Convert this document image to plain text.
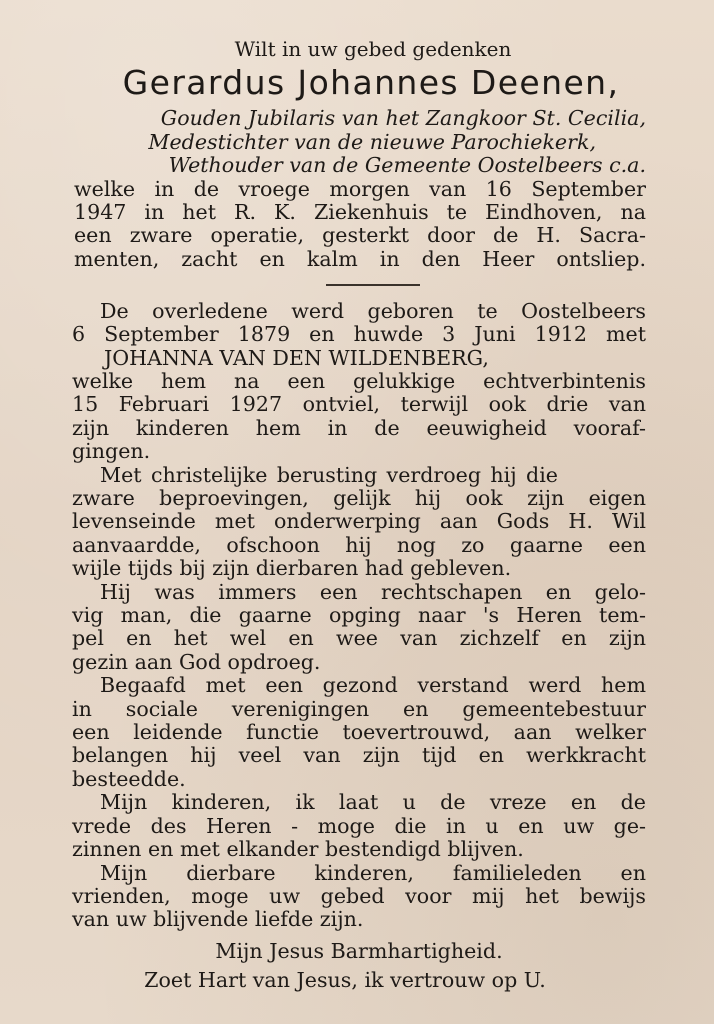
Wilt in uw gebed gedenken
Gerardus Johannes Deenen,
Gouden Jubilaris van het Zangkoor St. Cecilia,
Medestichter van de nieuwe Parochiekerk,
Wethouder van de Gemeente Oostelbeers c.a.
welke in de vroege morgen van 16 September
1947 in het R. K. Ziekenhuis te Eindhoven, na
een zware operatie, gesterkt door de H. Sacra-
menten, zacht en kalm in den Heer ontsliep.
De overledene werd geboren te Oostelbeers
6 September 1879 en huwde 3 Juni 1912 met
JOHANNA VAN DEN WILDENBERG,
welke hem na een gelukkige echtverbintenis
15 Februari 1927 ontviel, terwijl ook drie van
zijn kinderen hem in de eeuwigheid vooraf-
gingen.
Met christelijke berusting verdroeg hij die
zware beproevingen, gelijk hij ook zijn eigen
levenseinde met onderwerping aan Gods H. Wil
aanvaardde, ofschoon hij nog zo gaarne een
wijle tijds bij zijn dierbaren had gebleven.
Hij was immers een rechtschapen en gelo-
vig man, die gaarne opging naar 's Heren tem-
pel en het wel en wee van zichzelf en zijn
gezin aan God opdroeg.
Begaafd met een gezond verstand werd hem
in sociale verenigingen en gemeentebestuur
een leidende functie toevertrouwd, aan welker
belangen hij veel van zijn tijd en werkkracht
besteedde.
Mijn kinderen, ik laat u de vreze en de
vrede des Heren - moge die in u en uw ge-
zinnen en met elkander bestendigd blijven.
Mijn dierbare kinderen, familieleden en
vrienden, moge uw gebed voor mij het bewijs
van uw blijvende liefde zijn.
Mijn Jesus Barmhartigheid.
Zoet Hart van Jesus, ik vertrouw op U.
